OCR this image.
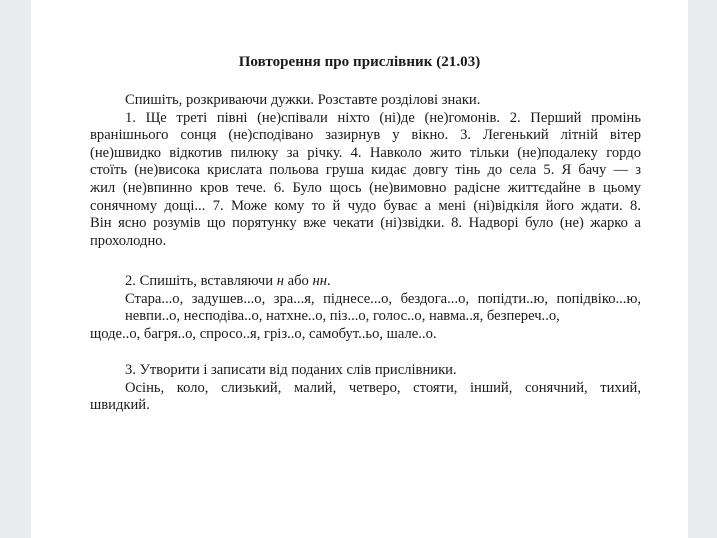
Повторення про прислівник (21.03)
Спишіть, розкриваючи дужки. Розставте розділові знаки.
1. Ще треті півні (не)співали ніхто (ні)де (не)гомонів. 2. Перший промінь
вранішнього сонця (не)сподівано зазирнув у вікно. 3. Легенький літній вітер
(не)швидко відкотив пилюку за річку. 4. Навколо жито тільки (не)подалеку гордо
стоїть (не)висока крислата польова груша кидає довгу тінь до села 5. Я бачу — з
жил (не)впинно кров тече. 6. Було щось (не)вимовно радісне життєдайне в цьому
сонячному дощі... 7. Може кому то й чудо буває а мені (ні)відкіля його ждати. 8.
Він ясно розумів що порятунку вже чекати (ні)звідки. 8. Надворі було (не) жарко а
прохолодно.
2. Спишіть, вставляючи н або нн.
Стара...о, задушев...о, зра...я, піднесе...о, бездога...о, попідти..ю, попідвіко...ю,
невпи..о, несподіва..о, натхне..о, піз...о, голос..о, навма..я, безпереч..о,
щоде..о, багря..о, спросо..я, гріз..о, самобут..ьо, шале..о.
3. Утворити і записати від поданих слів прислівники.
Осінь, коло, слизький, малий, четверо, стояти, інший, сонячний, тихий,
швидкий.
